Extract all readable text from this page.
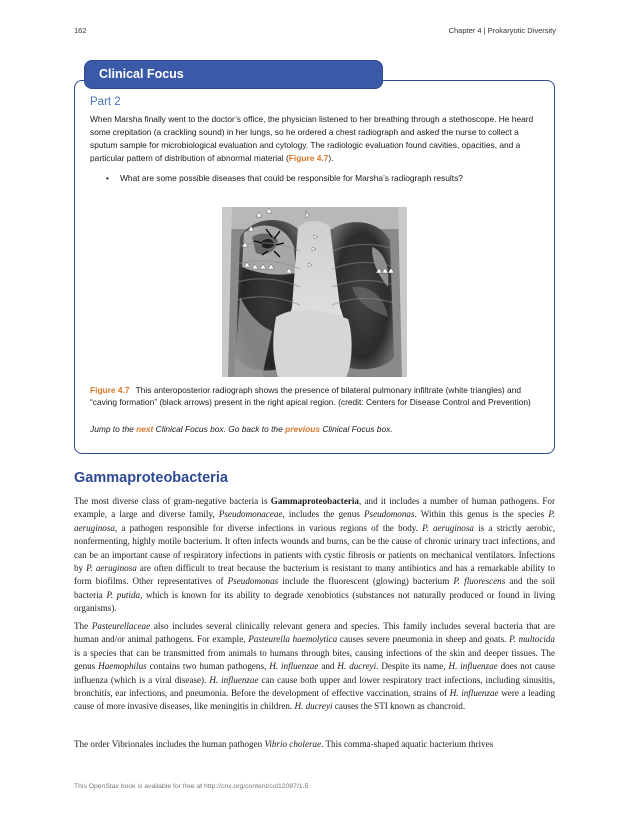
162	Chapter 4 | Prokaryotic Diversity
Clinical Focus
Part 2
When Marsha finally went to the doctor’s office, the physician listened to her breathing through a stethoscope. He heard some crepitation (a crackling sound) in her lungs, so he ordered a chest radiograph and asked the nurse to collect a sputum sample for microbiological evaluation and cytology. The radiologic evaluation found cavities, opacities, and a particular pattern of distribution of abnormal material (Figure 4.7).
• What are some possible diseases that could be responsible for Marsha’s radiograph results?
Figure 4.7 This anteroposterior radiograph shows the presence of bilateral pulmonary infiltrate (white triangles) and “caving formation” (black arrows) present in the right apical region. (credit: Centers for Disease Control and Prevention)
Jump to the next Clinical Focus box. Go back to the previous Clinical Focus box.
Gammaproteobacteria
The most diverse class of gram-negative bacteria is Gammaproteobacteria, and it includes a number of human pathogens. For example, a large and diverse family, Pseudomonaceae, includes the genus Pseudomonas. Within this genus is the species P. aeruginosa, a pathogen responsible for diverse infections in various regions of the body. P. aeruginosa is a strictly aerobic, nonfermenting, highly motile bacterium. It often infects wounds and burns, can be the cause of chronic urinary tract infections, and can be an important cause of respiratory infections in patients with cystic fibrosis or patients on mechanical ventilators. Infections by P. aeruginosa are often difficult to treat because the bacterium is resistant to many antibiotics and has a remarkable ability to form biofilms. Other representatives of Pseudomonas include the fluorescent (glowing) bacterium P. fluorescens and the soil bacteria P. putida, which is known for its ability to degrade xenobiotics (substances not naturally produced or found in living organisms).
The Pasteurellaceae also includes several clinically relevant genera and species. This family includes several bacteria that are human and/or animal pathogens. For example, Pasteurella haemolytica causes severe pneumonia in sheep and goats. P. multocida is a species that can be transmitted from animals to humans through bites, causing infections of the skin and deeper tissues. The genus Haemophilus contains two human pathogens, H. influenzae and H. ducreyi. Despite its name, H. influenzae does not cause influenza (which is a viral disease). H. influenzae can cause both upper and lower respiratory tract infections, including sinusitis, bronchitis, ear infections, and pneumonia. Before the development of effective vaccination, strains of H. influenzae were a leading cause of more invasive diseases, like meningitis in children. H. ducreyi causes the STI known as chancroid.
The order Vibrionales includes the human pathogen Vibrio cholerae. This comma-shaped aquatic bacterium thrives
This OpenStax book is available for free at http://cnx.org/content/col12087/1.5
